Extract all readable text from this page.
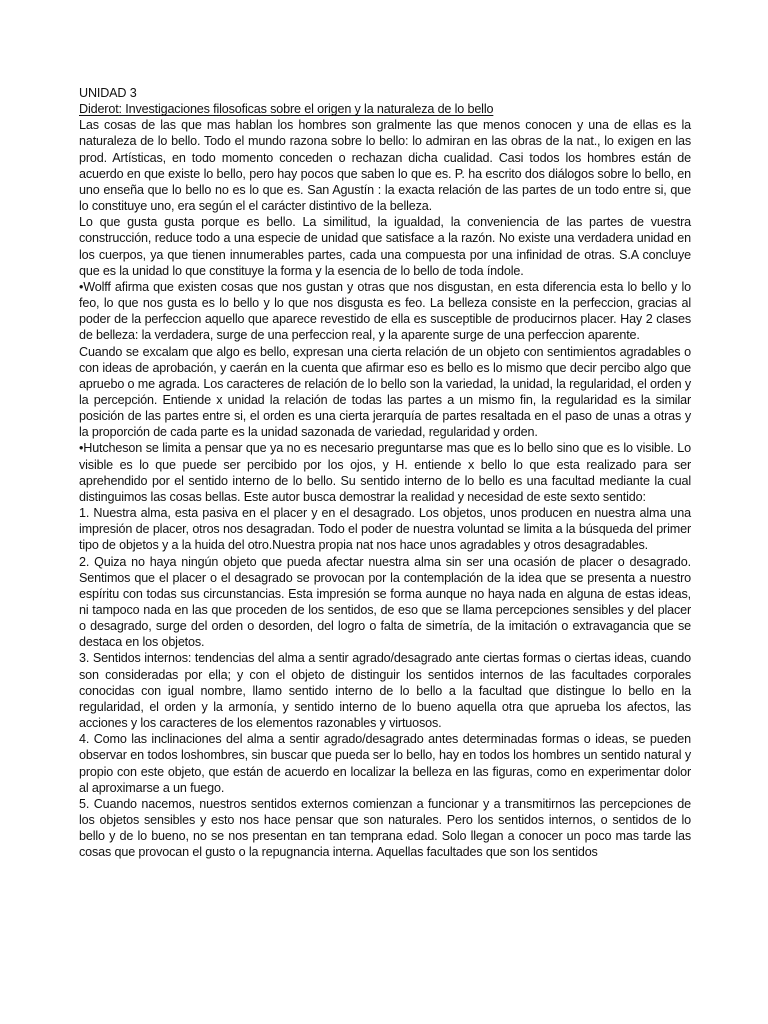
UNIDAD 3

Diderot: Investigaciones filosoficas sobre el origen y la naturaleza de lo bello

Las cosas de las que mas hablan los hombres son gralmente las que menos conocen y una de ellas es la naturaleza de lo bello. Todo el mundo razona sobre lo bello: lo admiran en las obras de la nat., lo exigen en las prod. Artísticas, en todo momento conceden o rechazan dicha cualidad. Casi todos los hombres están de acuerdo en que existe lo bello, pero hay pocos que saben lo que es. P. ha escrito dos diálogos sobre lo bello, en uno enseña que lo bello no es lo que es. San Agustín : la exacta relación de las partes de un todo entre si, que lo constituye uno, era según el el carácter distintivo de la belleza.

Lo que gusta gusta porque es bello. La similitud, la igualdad, la conveniencia de las partes de vuestra construcción, reduce todo a una especie de unidad que satisface a la razón. No existe una verdadera unidad en los cuerpos, ya que tienen innumerables partes, cada una compuesta por una infinidad de otras. S.A concluye que es la unidad lo que constituye la forma y la esencia de lo bello de toda índole.

•Wolff afirma que existen cosas que nos gustan y otras que nos disgustan, en esta diferencia esta lo bello y lo feo, lo que nos gusta es lo bello y lo que nos disgusta es feo. La belleza consiste en la perfeccion, gracias al poder de la perfeccion aquello que aparece revestido de ella es susceptible de producirnos placer. Hay 2 clases de belleza: la verdadera, surge de una perfeccion real, y la aparente surge de una perfeccion aparente.

Cuando se excalam que algo es bello, expresan una cierta relación de un objeto con sentimientos agradables o con ideas de aprobación, y caerán en la cuenta que afirmar eso es bello es lo mismo que decir percibo algo que apruebo o me agrada. Los caracteres de relación de lo bello son la variedad, la unidad, la regularidad, el orden y la percepción. Entiende x unidad la relación de todas las partes a un mismo fin, la regularidad es la similar posición de las partes entre si, el orden es una cierta jerarquía de partes resaltada en el paso de unas a otras y la proporción de cada parte es la unidad sazonada de variedad, regularidad y orden.

•Hutcheson se limita a pensar que ya no es necesario preguntarse mas que es lo bello sino que es lo visible. Lo visible es lo que puede ser percibido por los ojos, y H. entiende x bello lo que esta realizado para ser aprehendido por el sentido interno de lo bello. Su sentido interno de lo bello es una facultad mediante la cual distinguimos las cosas bellas. Este autor busca demostrar la realidad y necesidad de este sexto sentido:

1. Nuestra alma, esta pasiva en el placer y en el desagrado. Los objetos, unos producen en nuestra alma una impresión de placer, otros nos desagradan. Todo el poder de nuestra voluntad se limita a la búsqueda del primer tipo de objetos y a la huida del otro.Nuestra propia nat nos hace unos agradables y otros desagradables.

2. Quiza no haya ningún objeto que pueda afectar nuestra alma sin ser una ocasión de placer o desagrado. Sentimos que el placer o el desagrado se provocan por la contemplación de la idea que se presenta a nuestro espíritu con todas sus circunstancias. Esta impresión se forma aunque no haya nada en alguna de estas ideas, ni tampoco nada en las que proceden de los sentidos, de eso que se llama percepciones sensibles y del placer o desagrado, surge del orden o desorden, del logro o falta de simetría, de la imitación o extravagancia que se destaca en los objetos.

3. Sentidos internos: tendencias del alma a sentir agrado/desagrado ante ciertas formas o ciertas ideas, cuando son consideradas por ella; y con el objeto de distinguir los sentidos internos de las facultades corporales conocidas con igual nombre, llamo sentido interno de lo bello a la facultad que distingue lo bello en la regularidad, el orden y la armonía, y sentido interno de lo bueno aquella otra que aprueba los afectos, las acciones y los caracteres de los elementos razonables y virtuosos.

4. Como las inclinaciones del alma a sentir agrado/desagrado antes determinadas formas o ideas, se pueden observar en todos loshombres, sin buscar que pueda ser lo bello, hay en todos los hombres un sentido natural y propio con este objeto, que están de acuerdo en localizar la belleza en las figuras, como en experimentar dolor al aproximarse a un fuego.

5. Cuando nacemos, nuestros sentidos externos comienzan a funcionar y a transmitirnos las percepciones de los objetos sensibles y esto nos hace pensar que son naturales. Pero los sentidos internos, o sentidos de lo bello y de lo bueno, no se nos presentan en tan temprana edad. Solo llegan a conocer un poco mas tarde las cosas que provocan el gusto o la repugnancia interna. Aquellas facultades que son los sentidos
